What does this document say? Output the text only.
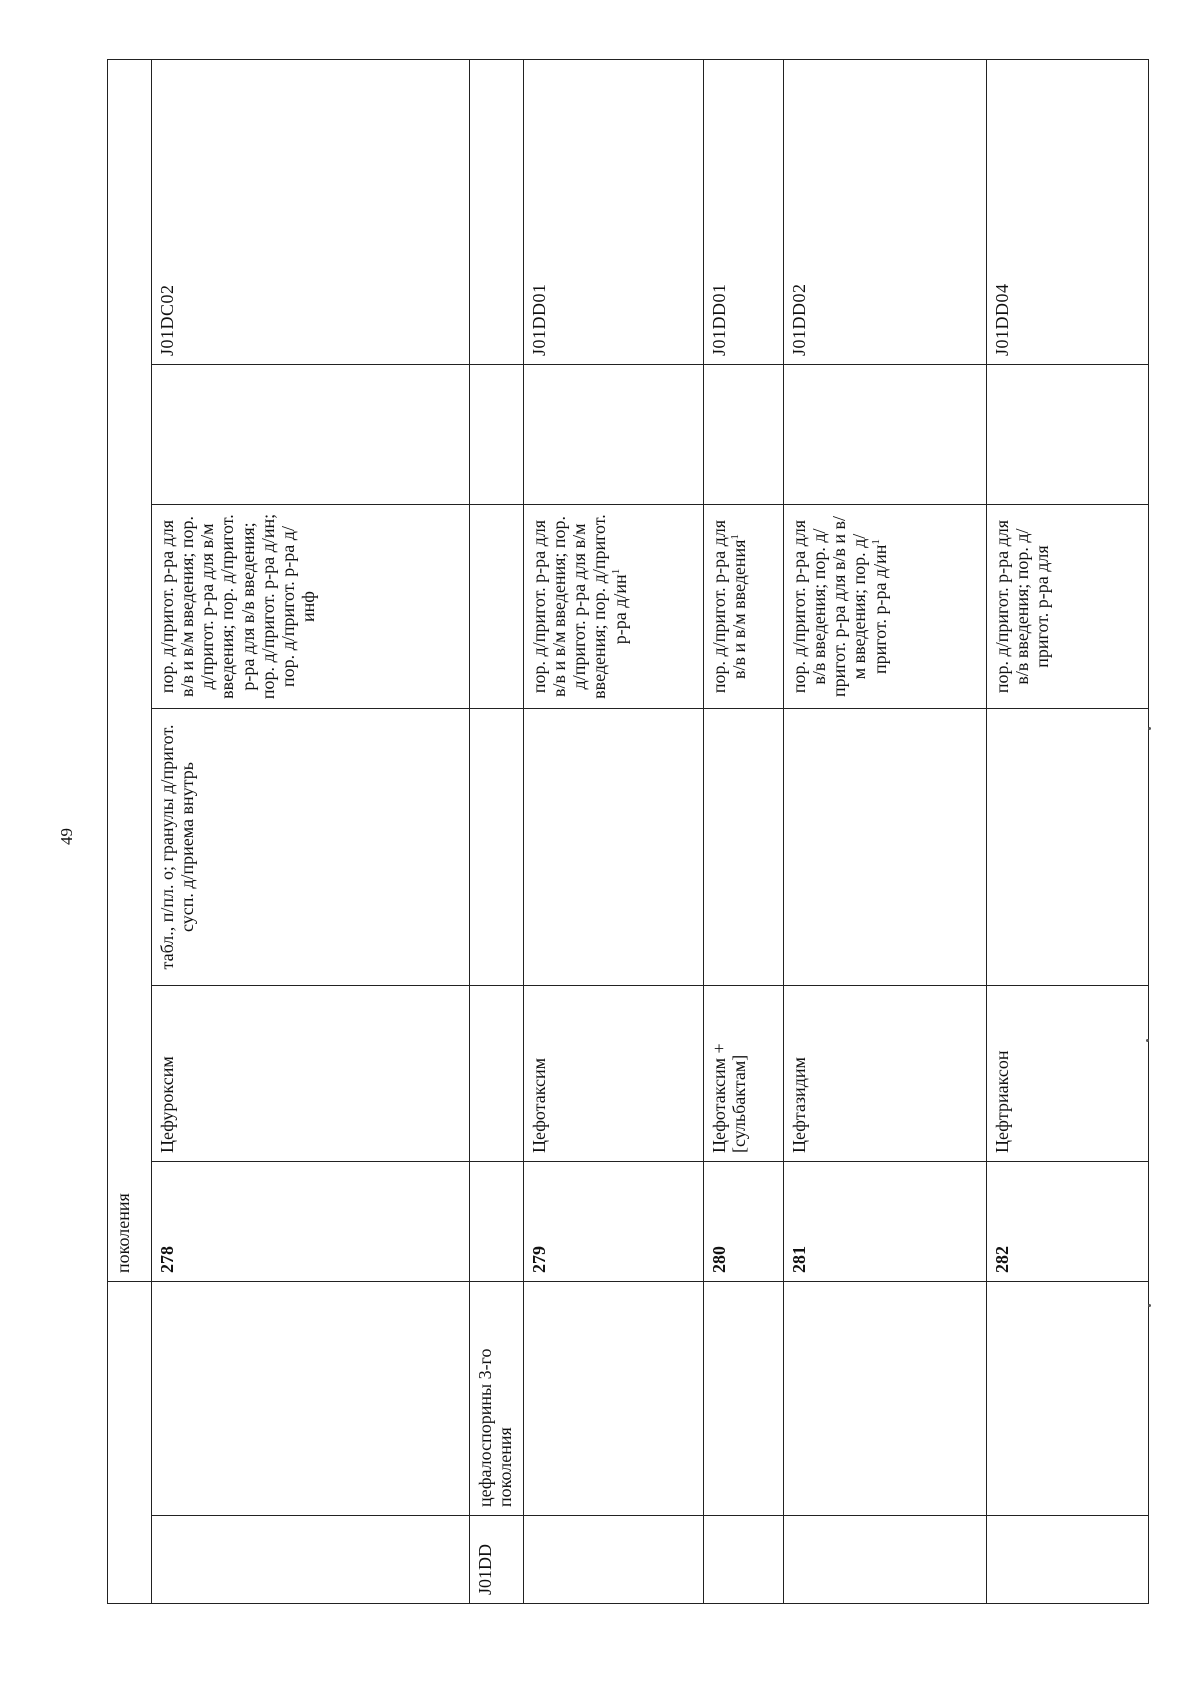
49
		поколения					
		278	Цефуроксим	табл., п/пл. о; гранулы д/пригот. сусп. д/приема внутрь	пор. д/пригот. р-ра для в/в и в/м введения; пор. д/пригот. р-ра для в/м введения; пор. д/пригот. р-ра для в/в введения; пор. д/пригот. р-ра д/ин; пор. д/пригот. р-ра д/инф		J01DC02
J01DD	цефалоспорины 3-го поколения						
		279	Цефотаксим		пор. д/пригот. р-ра для в/в и в/м введения; пор. д/пригот. р-ра для в/м введения; пор. д/пригот. р-ра $д/ин^1$		J01DD01
		280	Цефотаксим + [сульбактам]		пор. д/пригот. р-ра для в/в и в/м введения$^1$		J01DD01
		281	Цефтазидим		пор. д/пригот. р-ра для в/в введения; пор. д/пригот. р-ра для в/в и в/м введения; пор. д/пригот. р-ра $д/ин^1$		J01DD02
		282	Цефтриаксон		пор. д/пригот. р-ра для в/в введения; пор. д/пригот. р-ра для		J01DD04
